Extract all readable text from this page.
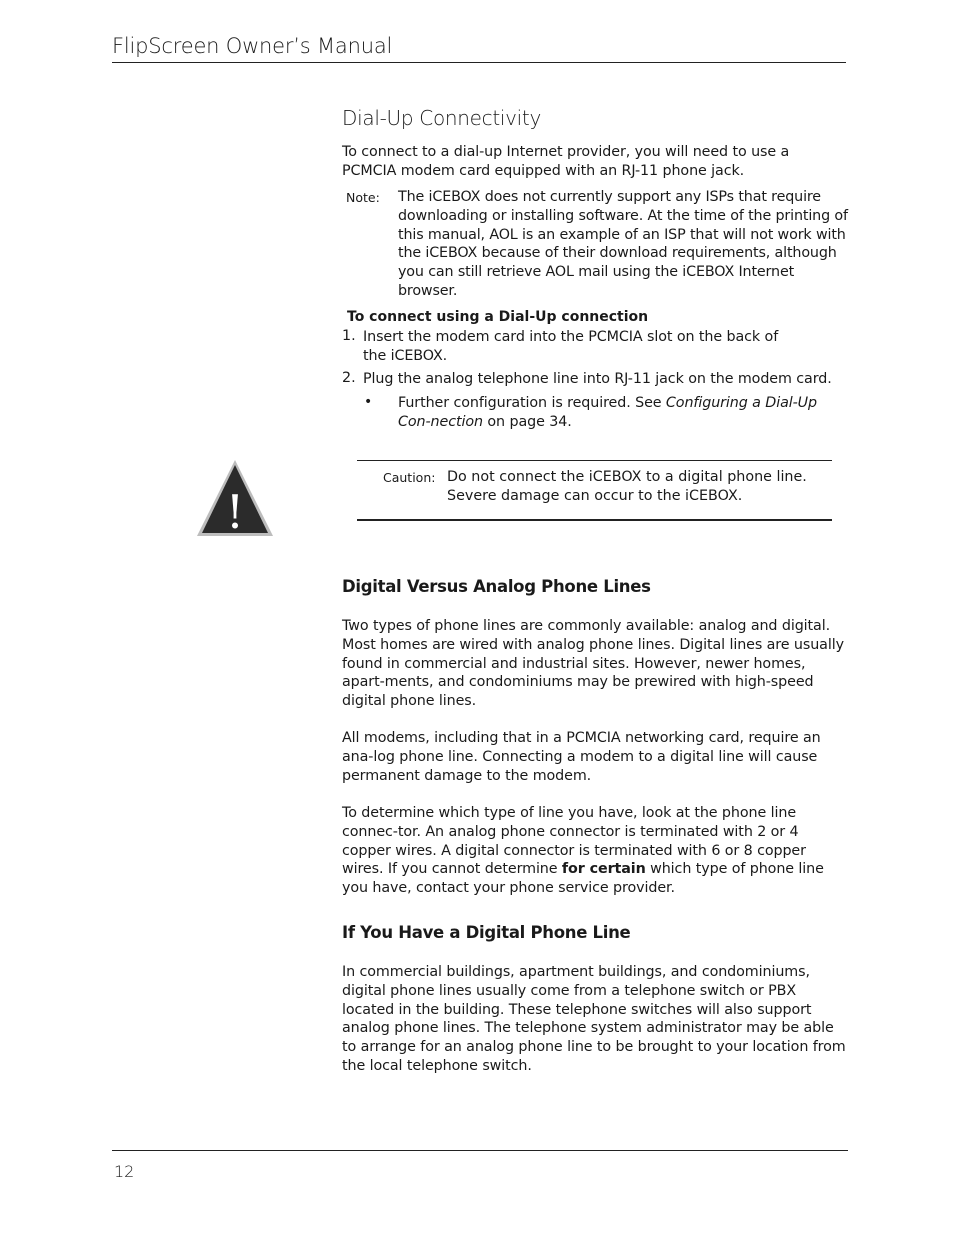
FlipScreen Owner’s Manual
Dial-Up Connectivity
To connect to a dial-up Internet provider, you will need to use a PCMCIA modem card equipped with an RJ-11 phone jack.
Note: The iCEBOX does not currently support any ISPs that require downloading or installing software. At the time of the printing of this manual, AOL is an example of an ISP that will not work with the iCEBOX because of their download requirements, although you can still retrieve AOL mail using the iCEBOX Internet browser.
To connect using a Dial-Up connection
1. Insert the modem card into the PCMCIA slot on the back of the iCEBOX.
2. Plug the analog telephone line into RJ-11 jack on the modem card.
• Further configuration is required. See Configuring a Dial-Up Con-nection on page 34.
!
Caution: Do not connect the iCEBOX to a digital phone line.
Severe damage can occur to the iCEBOX.
Digital Versus Analog Phone Lines
Two types of phone lines are commonly available: analog and digital. Most homes are wired with analog phone lines. Digital lines are usually found in commercial and industrial sites. However, newer homes, apart-ments, and condominiums may be prewired with high-speed digital phone lines.
All modems, including that in a PCMCIA networking card, require an ana-log phone line. Connecting a modem to a digital line will cause permanent damage to the modem.
To determine which type of line you have, look at the phone line connec-tor. An analog phone connector is terminated with 2 or 4 copper wires. A digital connector is terminated with 6 or 8 copper wires. If you cannot determine for certain which type of phone line you have, contact your phone service provider.
If You Have a Digital Phone Line
In commercial buildings, apartment buildings, and condominiums, digital phone lines usually come from a telephone switch or PBX located in the building. These telephone switches will also support analog phone lines. The telephone system administrator may be able to arrange for an analog phone line to be brought to your location from the local telephone switch.
12
